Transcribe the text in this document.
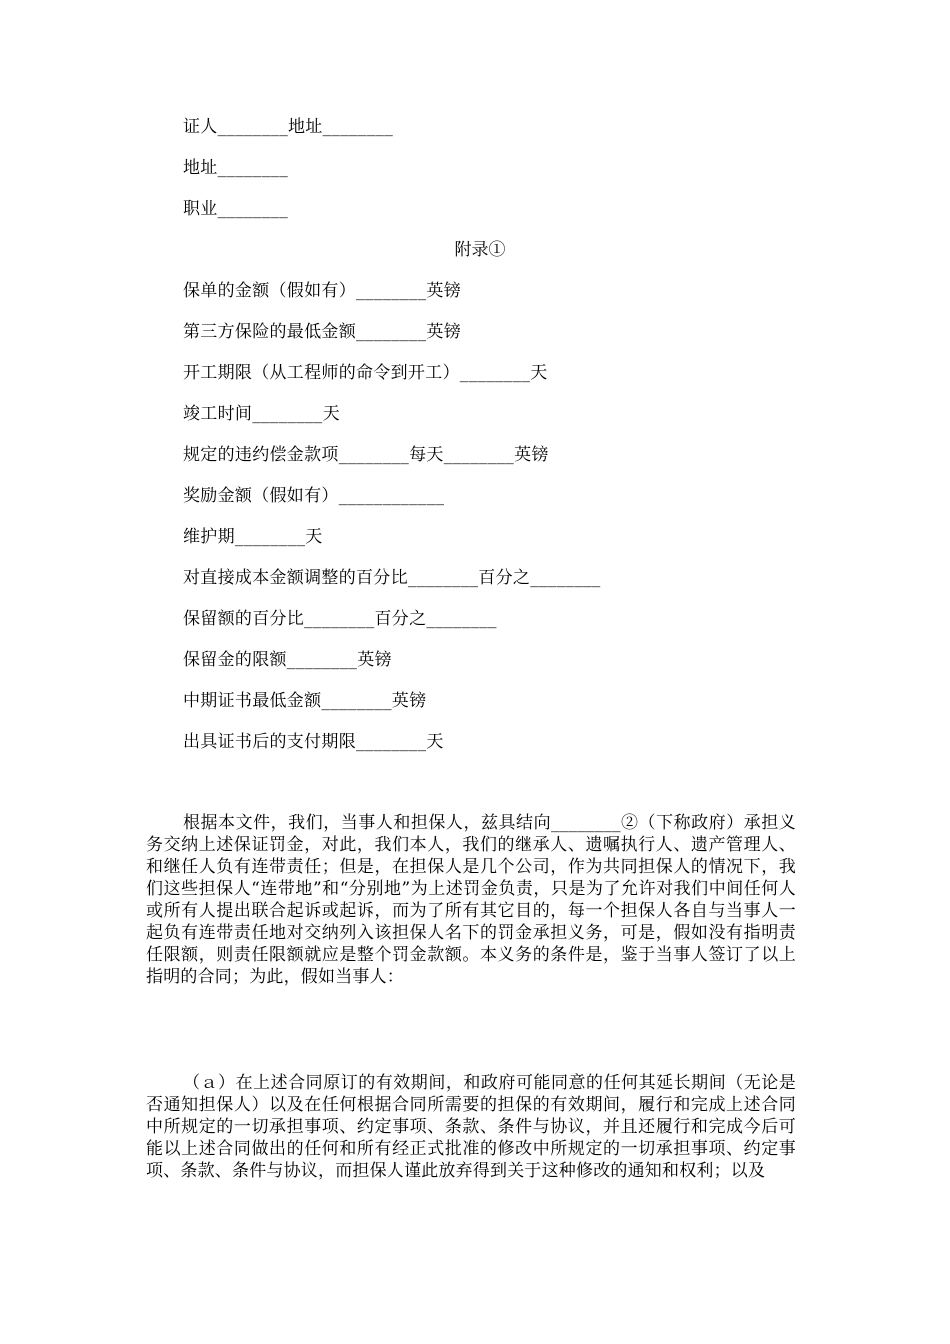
证人________地址________
地址________
职业________
附录①
保单的金额（假如有）________英镑
第三方保险的最低金额________英镑
开工期限（从工程师的命令到开工）________天
竣工时间________天
规定的违约偿金款项________每天________英镑
奖励金额（假如有）____________
维护期________天
对直接成本金额调整的百分比________百分之________
保留额的百分比________百分之________
保留金的限额________英镑
中期证书最低金额________英镑
出具证书后的支付期限________天
根据本文件，我们，当事人和担保人，兹具结向________②（下称政府）承担义务交纳上述保证罚金，对此，我们本人，我们的继承人、遗嘱执行人、遗产管理人、和继任人负有连带责任；但是，在担保人是几个公司，作为共同担保人的情况下，我们这些担保人“连带地”和“分别地”为上述罚金负责，只是为了允许对我们中间任何人或所有人提出联合起诉或起诉，而为了所有其它目的，每一个担保人各自与当事人一起负有连带责任地对交纳列入该担保人名下的罚金承担义务，可是，假如没有指明责任限额，则责任限额就应是整个罚金款额。本义务的条件是，鉴于当事人签订了以上指明的合同；为此，假如当事人：
（ａ）在上述合同原订的有效期间，和政府可能同意的任何其延长期间（无论是否通知担保人）以及在任何根据合同所需要的担保的有效期间，履行和完成上述合同中所规定的一切承担事项、约定事项、条款、条件与协议，并且还履行和完成今后可能以上述合同做出的任何和所有经正式批准的修改中所规定的一切承担事项、约定事项、条款、条件与协议，而担保人谨此放弃得到关于这种修改的通知和权利；以及
